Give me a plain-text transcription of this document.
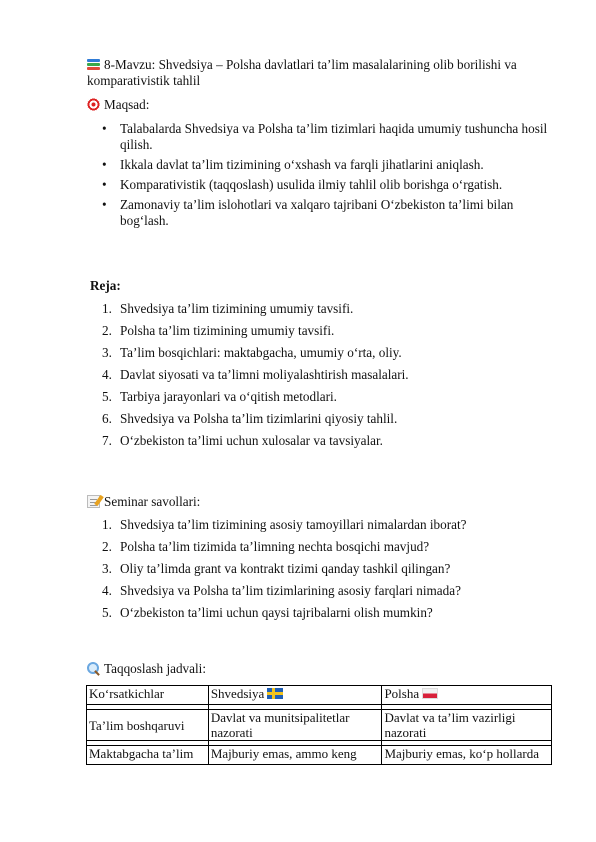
8-Mavzu: Shvedsiya – Polsha davlatlari ta’lim masalalarining olib borilishi va komparativistik tahlil
Maqsad:
• Talabalarda Shvedsiya va Polsha ta’lim tizimlari haqida umumiy tushuncha hosil qilish.
• Ikkala davlat ta’lim tizimining o‘xshash va farqli jihatlarini aniqlash.
• Komparativistik (taqqoslash) usulida ilmiy tahlil olib borishga o‘rgatish.
• Zamonaviy ta’lim islohotlari va xalqaro tajribani O‘zbekiston ta’limi bilan bog‘lash.
Reja:
1. Shvedsiya ta’lim tizimining umumiy tavsifi.
2. Polsha ta’lim tizimining umumiy tavsifi.
3. Ta’lim bosqichlari: maktabgacha, umumiy o‘rta, oliy.
4. Davlat siyosati va ta’limni moliyalashtirish masalalari.
5. Tarbiya jarayonlari va o‘qitish metodlari.
6. Shvedsiya va Polsha ta’lim tizimlarini qiyosiy tahlil.
7. O‘zbekiston ta’limi uchun xulosalar va tavsiyalar.
Seminar savollari:
1. Shvedsiya ta’lim tizimining asosiy tamoyillari nimalardan iborat?
2. Polsha ta’lim tizimida ta’limning nechta bosqichi mavjud?
3. Oliy ta’limda grant va kontrakt tizimi qanday tashkil qilingan?
4. Shvedsiya va Polsha ta’lim tizimlarining asosiy farqlari nimada?
5. O‘zbekiston ta’limi uchun qaysi tajribalarni olish mumkin?
Taqqoslash jadvali:
Ko‘rsatkichlar	Shvedsiya	Polsha

Ta’lim boshqaruvi	Davlat va munitsipalitetlar nazorati	Davlat va ta’lim vazirligi nazorati

Maktabgacha ta’lim	Majburiy emas, ammo keng	Majburiy emas, ko‘p hollarda
